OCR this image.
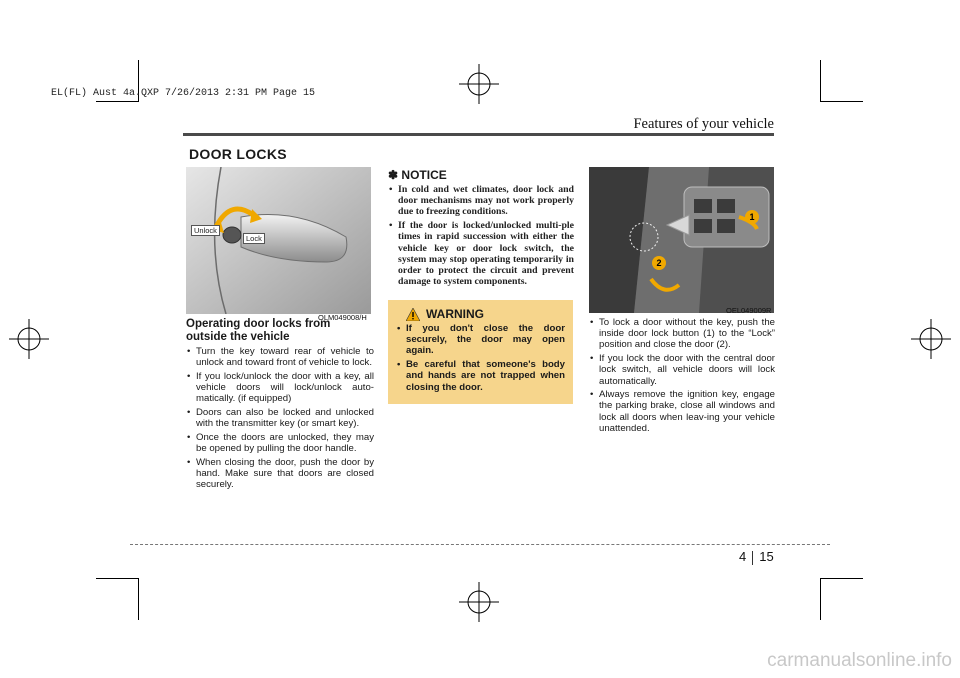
EL(FL) Aust 4a.QXP 7/26/2013 2:31 PM Page 15
Features of your vehicle
DOOR LOCKS
Unlock
Lock
OLM049008/H
Operating door locks from outside the vehicle
• Turn the key toward rear of vehicle to unlock and toward front of vehicle to lock.
• If you lock/unlock the door with a key, all vehicle doors will lock/unlock auto-matically. (if equipped)
• Doors can also be locked and unlocked with the transmitter key (or smart key).
• Once the doors are unlocked, they may be opened by pulling the door handle.
• When closing the door, push the door by hand. Make sure that doors are closed securely.
✽ NOTICE
• In cold and wet climates, door lock and door mechanisms may not work properly due to freezing conditions.
• If the door is locked/unlocked multi-ple times in rapid succession with either the vehicle key or door lock switch, the system may stop operating temporarily in order to protect the circuit and prevent damage to system components.
WARNING
• If you don't close the door securely, the door may open again.
• Be careful that someone's body and hands are not trapped when closing the door.
1
2
OEL049009R
• To lock a door without the key, push the inside door lock button (1) to the “Lock” position and close the door (2).
• If you lock the door with the central door lock switch, all vehicle doors will lock automatically.
• Always remove the ignition key, engage the parking brake, close all windows and lock all doors when leav-ing your vehicle unattended.
4 15
carmanualsonline.info
